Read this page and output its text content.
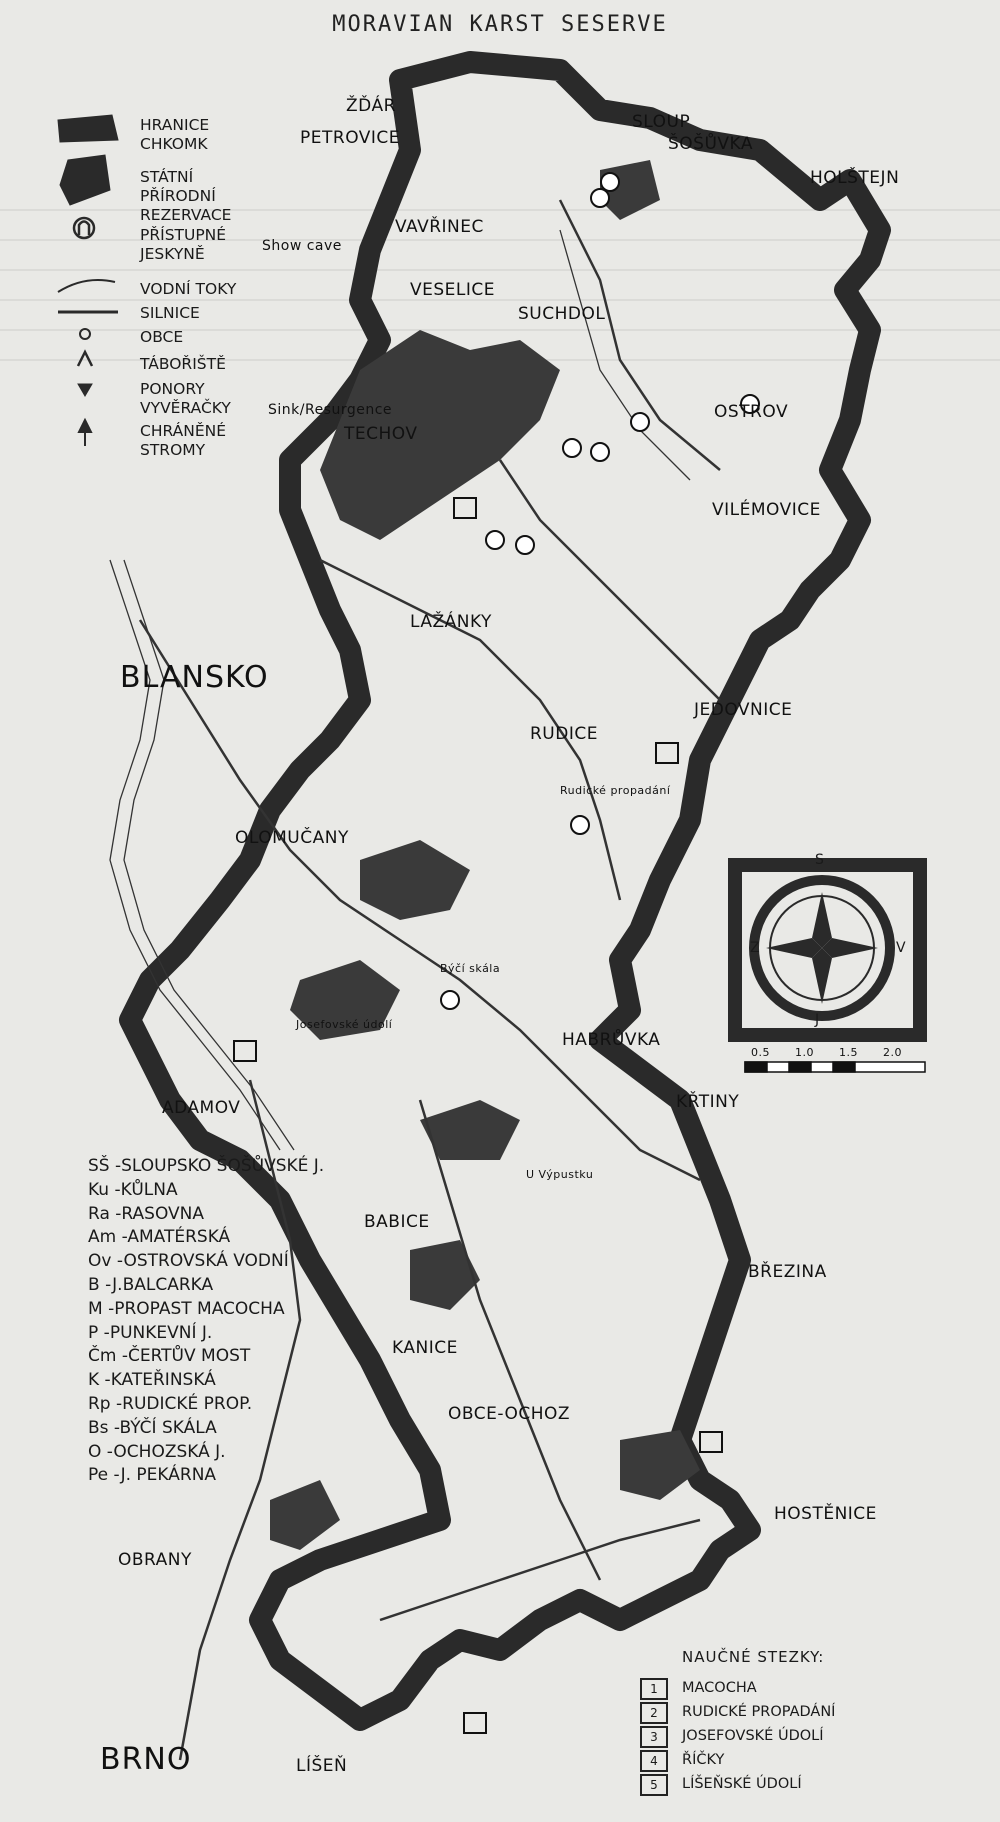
MORAVIAN KARST SESERVE
HRANICE CHKOMK
STÁTNÍ PŘÍRODNÍ REZERVACE
PŘÍSTUPNÉ JESKYNĚ
VODNÍ TOKY
SILNICE
OBCE
TÁBOŘIŠTĚ
PONORY VYVĚRAČKY
CHRÁNĚNÉ STROMY
Show cave
Sink/Resurgence
ŽĎÁR
PETROVICE
SLOUP
ŠOŠŮVKA
HOLŠTEJN
VAVŘINEC
VESELICE
SUCHDOL
OSTROV
TECHOV
VILÉMOVICE
LAŽÁNKY
BLANSKO
RUDICE
JEDOVNICE
Rudické propadání
OLOMUČANY
Býčí skála
Josefovské údolí
HABRŮVKA
KŘTINY
ADAMOV
U Výpustku
BABICE
BŘEZINA
KANICE
OBCE-OCHOZ
HOSTĚNICE
OBRANY
BRNO	LÍŠEŇ
S
J
V
Z
0.5 1.0 1.5 2.0
SŠ -SLOUPSKO ŠOŠŮVSKÉ J.
Ku -KŮLNA
Ra -RASOVNA
Am -AMATÉRSKÁ
Ov -OSTROVSKÁ VODNÍ
B -J.BALCARKA
M -PROPAST MACOCHA
P -PUNKEVNÍ J.
Čm -ČERTŮV MOST
K -KATEŘINSKÁ
Rp -RUDICKÉ PROP.
Bs -BÝČÍ SKÁLA
O -OCHOZSKÁ J.
Pe -J. PEKÁRNA
NAUČNÉ STEZKY:
1	MACOCHA
2	RUDICKÉ PROPADÁNÍ
3	JOSEFOVSKÉ ÚDOLÍ
4	ŘÍČKY
5	LÍŠEŇSKÉ ÚDOLÍ
